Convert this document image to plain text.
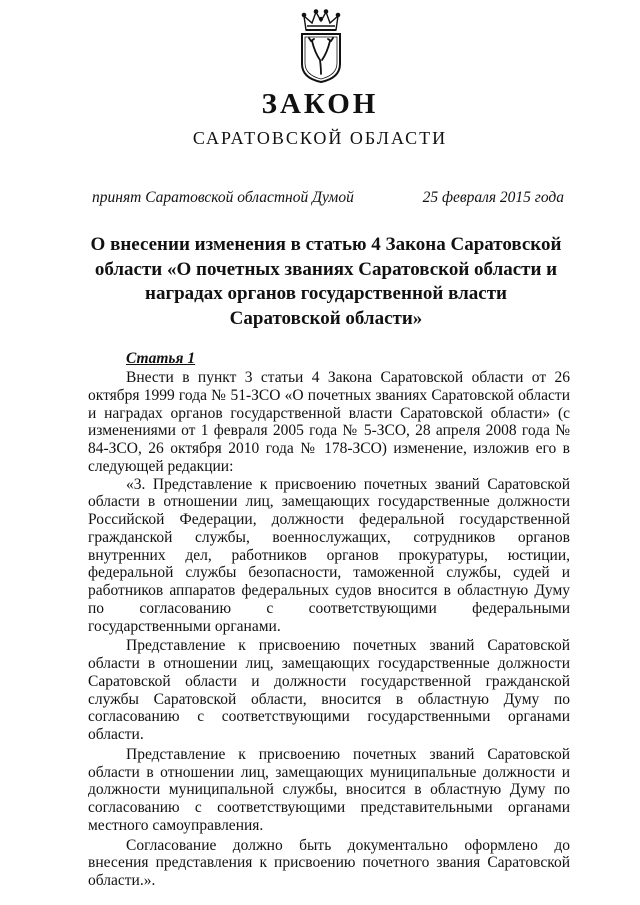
ЗАКОН
САРАТОВСКОЙ ОБЛАСТИ
принят Саратовской областной Думой	25 февраля 2015 года
О внесении изменения в статью 4 Закона Саратовской
области «О почетных званиях Саратовской области и
наградах органов государственной власти
Саратовской области»
Статья 1

Внести в пункт 3 статьи 4 Закона Саратовской области от 26 октября 1999 года № 51-ЗСО «О почетных званиях Саратовской области и наградах органов государственной власти Саратовской области» (с изменениями от 1 февраля 2005 года № 5-ЗСО, 28 апреля 2008 года № 84-ЗСО, 26 октября 2010 года № 178-ЗСО) изменение, изложив его в следующей редакции:

«3. Представление к присвоению почетных званий Саратовской области в отношении лиц, замещающих государственные должности Российской Федерации, должности федеральной государственной гражданской службы, военнослужащих, сотрудников органов внутренних дел, работников органов прокуратуры, юстиции, федеральной службы безопасности, таможенной службы, судей и работников аппаратов федеральных судов вносится в областную Думу по согласованию с соответствующими федеральными государственными органами.

Представление к присвоению почетных званий Саратовской области в отношении лиц, замещающих государственные должности Саратовской области и должности государственной гражданской службы Саратовской области, вносится в областную Думу по согласованию с соответствующими государственными органами области.

Представление к присвоению почетных званий Саратовской области в отношении лиц, замещающих муниципальные должности и должности муниципальной службы, вносится в областную Думу по согласованию с соответствующими представительными органами местного самоуправления.

Согласование должно быть документально оформлено до внесения представления к присвоению почетного звания Саратовской области.».
